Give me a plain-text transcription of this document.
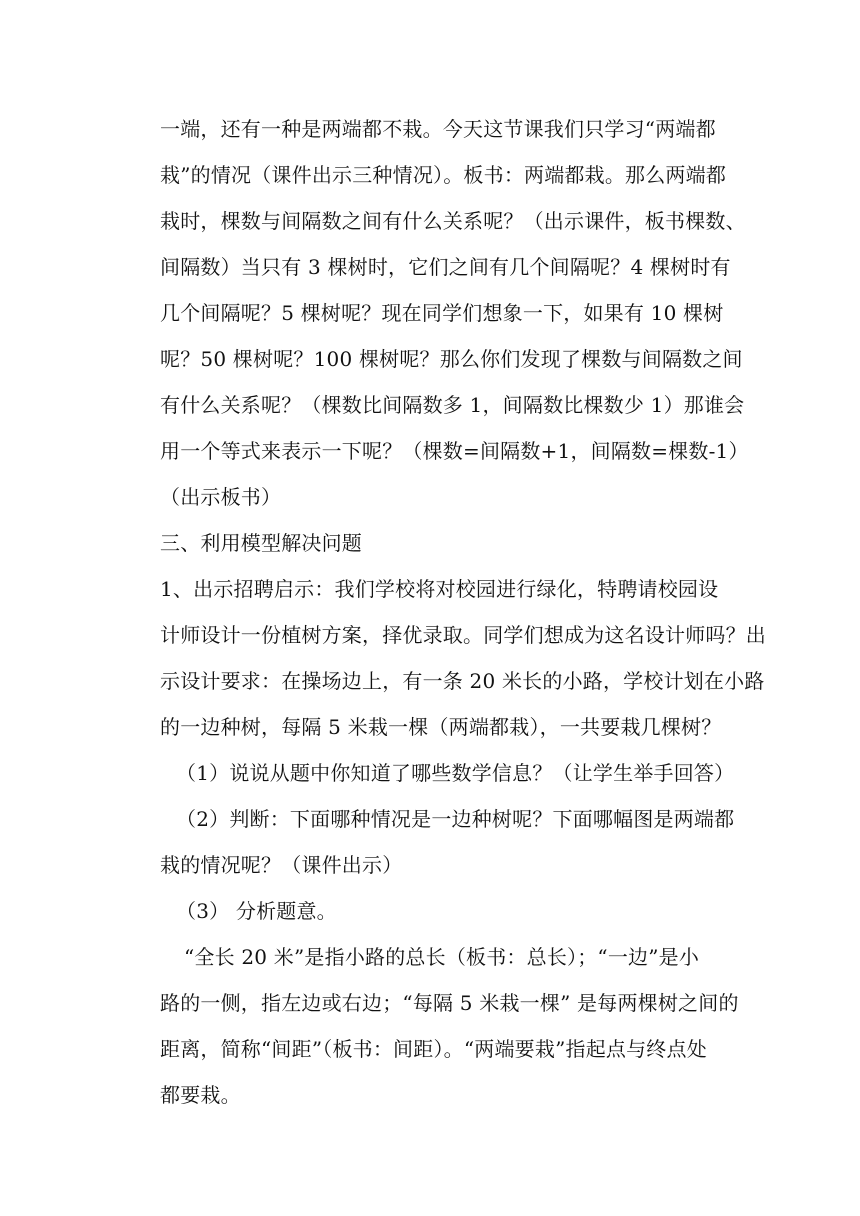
一端，还有一种是两端都不栽。今天这节课我们只学习“两端都
栽”的情况（课件出示三种情况）。板书：两端都栽。那么两端都
栽时，棵数与间隔数之间有什么关系呢？（出示课件，板书棵数、
间隔数）当只有 3 棵树时，它们之间有几个间隔呢？4 棵树时有
几个间隔呢？5 棵树呢？现在同学们想象一下，如果有 10 棵树
呢？50 棵树呢？100 棵树呢？那么你们发现了棵数与间隔数之间
有什么关系呢？（棵数比间隔数多 1，间隔数比棵数少 1）那谁会
用一个等式来表示一下呢？（棵数=间隔数+1，间隔数=棵数-1）
（出示板书）
三、利用模型解决问题
1、出示招聘启示：我们学校将对校园进行绿化，特聘请校园设
计师设计一份植树方案，择优录取。同学们想成为这名设计师吗？出
示设计要求：在操场边上，有一条 20 米长的小路，学校计划在小路
的一边种树，每隔 5 米栽一棵（两端都栽），一共要栽几棵树？
（1）说说从题中你知道了哪些数学信息？（让学生举手回答）
（2）判断：下面哪种情况是一边种树呢？下面哪幅图是两端都
栽的情况呢？（课件出示）
（3） 分析题意。
“全长 20 米”是指小路的总长（板书：总长）；“一边”是小
路的一侧，指左边或右边；“每隔 5 米栽一棵” 是每两棵树之间的
距离，简称“间距”（板书：间距）。“两端要栽”指起点与终点处
都要栽。
